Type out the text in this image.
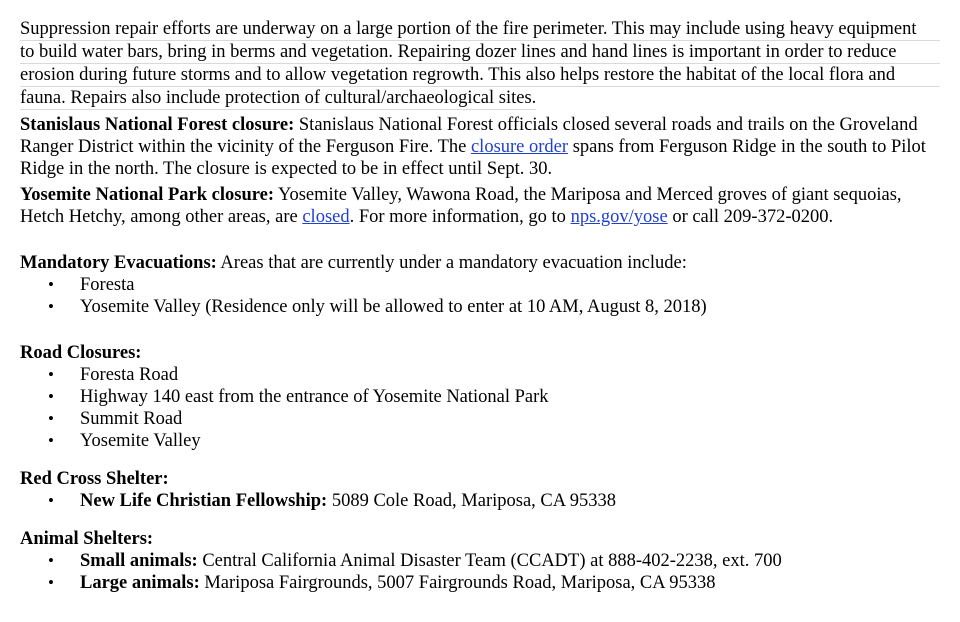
Suppression repair efforts are underway on a large portion of the fire perimeter. This may include using heavy equipment
to build water bars, bring in berms and vegetation. Repairing dozer lines and hand lines is important in order to reduce
erosion during future storms and to allow vegetation regrowth. This also helps restore the habitat of the local flora and
fauna. Repairs also include protection of cultural/archaeological sites.

Stanislaus National Forest closure: Stanislaus National Forest officials closed several roads and trails on the Groveland Ranger District within the vicinity of the Ferguson Fire. The closure order spans from Ferguson Ridge in the south to Pilot Ridge in the north. The closure is expected to be in effect until Sept. 30.

Yosemite National Park closure: Yosemite Valley, Wawona Road, the Mariposa and Merced groves of giant sequoias, Hetch Hetchy, among other areas, are closed. For more information, go to nps.gov/yose or call 209-372-0200.

Mandatory Evacuations: Areas that are currently under a mandatory evacuation include:

• Foresta
• Yosemite Valley (Residence only will be allowed to enter at 10 AM, August 8, 2018)

Road Closures:

• Foresta Road
• Highway 140 east from the entrance of Yosemite National Park
• Summit Road
• Yosemite Valley

Red Cross Shelter:

• New Life Christian Fellowship: 5089 Cole Road, Mariposa, CA 95338

Animal Shelters:

• Small animals: Central California Animal Disaster Team (CCADT) at 888-402-2238, ext. 700
• Large animals: Mariposa Fairgrounds, 5007 Fairgrounds Road, Mariposa, CA 95338
